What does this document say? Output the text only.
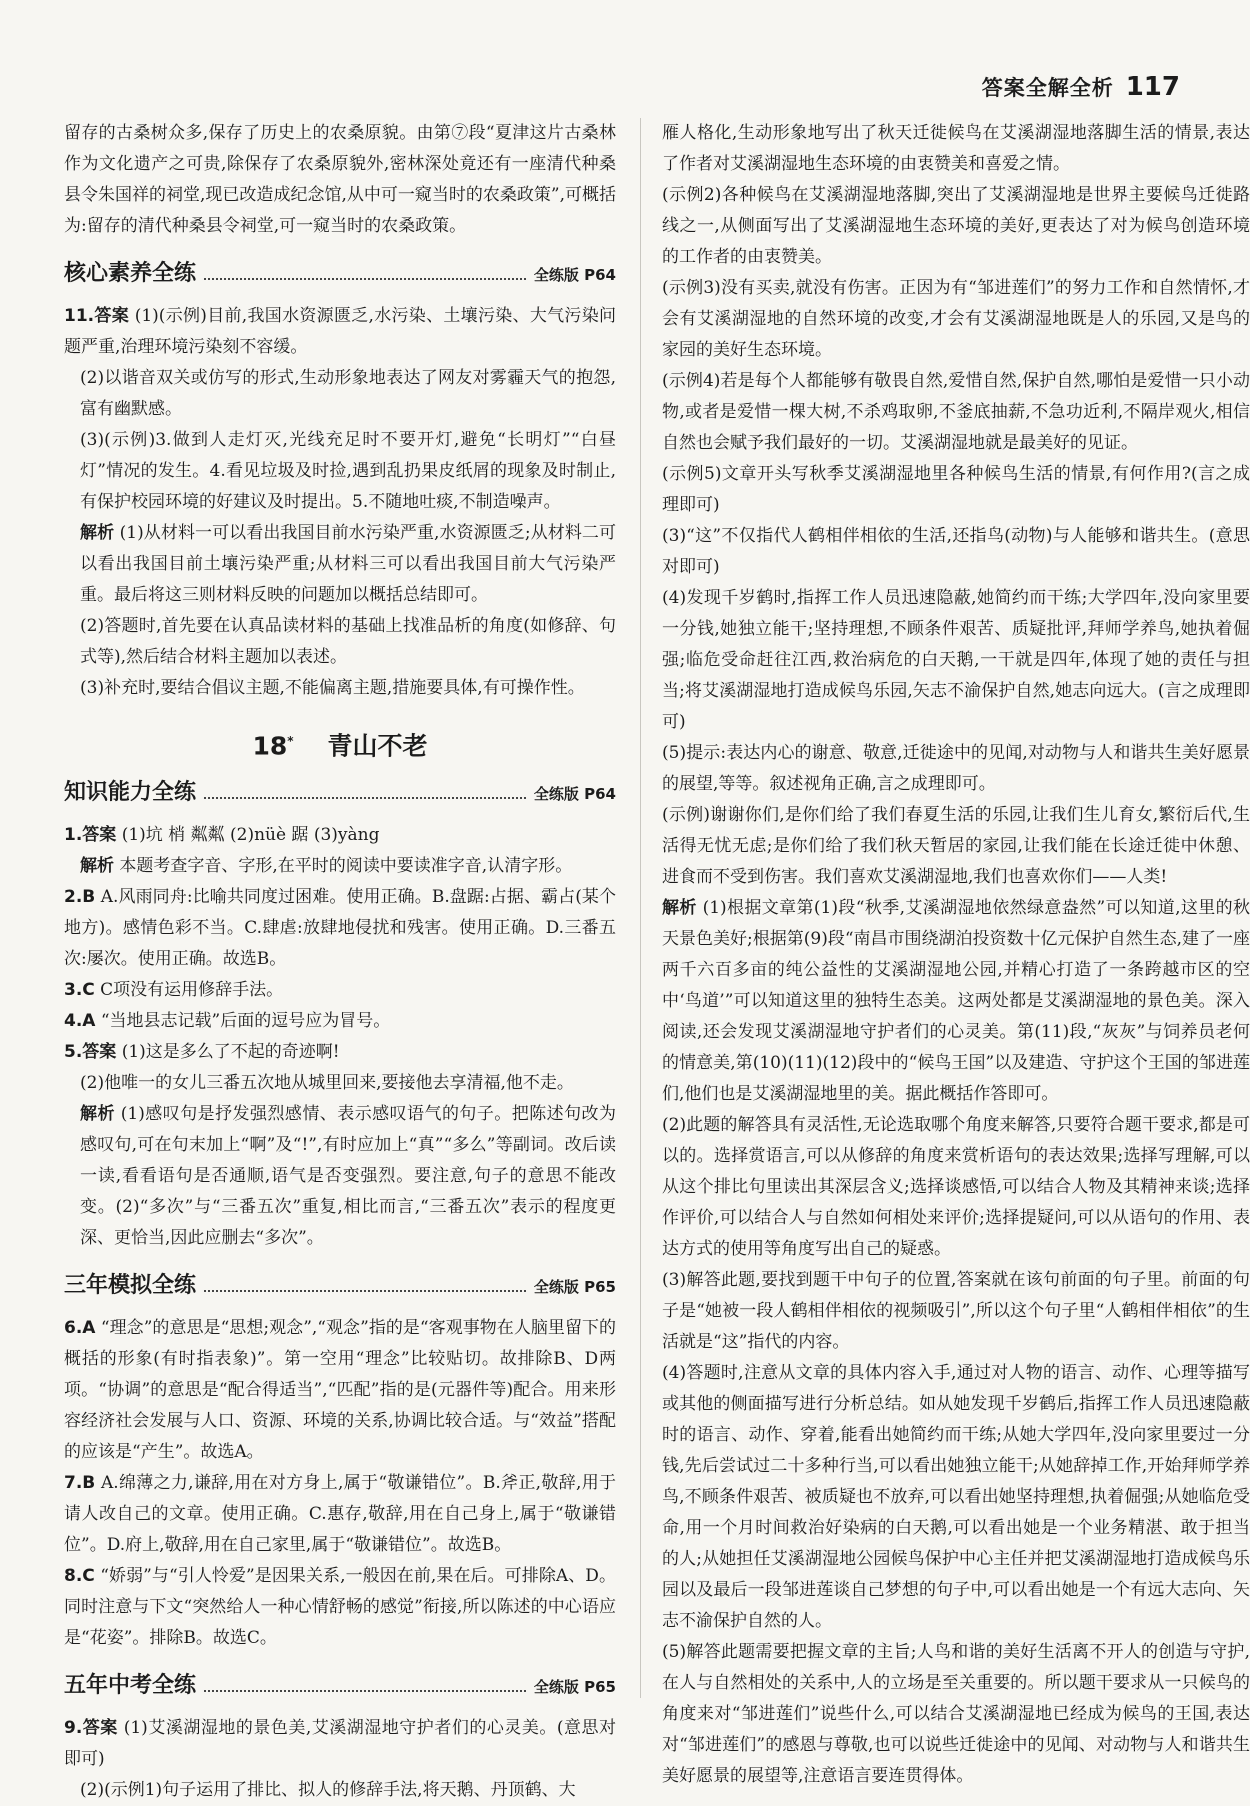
答案全解全析 117

留存的古桑树众多,保存了历史上的农桑原貌。由第⑦段“夏津这片古桑林作为文化遗产之可贵,除保存了农桑原貌外,密林深处竟还有一座清代种桑县令朱国祥的祠堂,现已改造成纪念馆,从中可一窥当时的农桑政策”,可概括为:留存的清代种桑县令祠堂,可一窥当时的农桑政策。

核心素养全练	全练版 P64

11.答案 (1)(示例)目前,我国水资源匮乏,水污染、土壤污染、大气污染问题严重,治理环境污染刻不容缓。

(2)以谐音双关或仿写的形式,生动形象地表达了网友对雾霾天气的抱怨,富有幽默感。

(3)(示例)3.做到人走灯灭,光线充足时不要开灯,避免“长明灯”“白昼灯”情况的发生。4.看见垃圾及时捡,遇到乱扔果皮纸屑的现象及时制止,有保护校园环境的好建议及时提出。5.不随地吐痰,不制造噪声。

解析 (1)从材料一可以看出我国目前水污染严重,水资源匮乏;从材料二可以看出我国目前土壤污染严重;从材料三可以看出我国目前大气污染严重。最后将这三则材料反映的问题加以概括总结即可。

(2)答题时,首先要在认真品读材料的基础上找准品析的角度(如修辞、句式等),然后结合材料主题加以表述。

(3)补充时,要结合倡议主题,不能偏离主题,措施要具体,有可操作性。

18* 青山不老
知识能力全练	全练版 P64

1.答案 (1)坑 梢 粼粼 (2)nüè 踞 (3)yàng

解析 本题考查字音、字形,在平时的阅读中要读准字音,认清字形。

2.B A.风雨同舟:比喻共同度过困难。使用正确。B.盘踞:占据、霸占(某个地方)。感情色彩不当。C.肆虐:放肆地侵扰和残害。使用正确。D.三番五次:屡次。使用正确。故选B。

3.C C项没有运用修辞手法。

4.A “当地县志记载”后面的逗号应为冒号。

5.答案 (1)这是多么了不起的奇迹啊!

(2)他唯一的女儿三番五次地从城里回来,要接他去享清福,他不走。

解析 (1)感叹句是抒发强烈感情、表示感叹语气的句子。把陈述句改为感叹句,可在句末加上“啊”及“!”,有时应加上“真”“多么”等副词。改后读一读,看看语句是否通顺,语气是否变强烈。要注意,句子的意思不能改变。(2)“多次”与“三番五次”重复,相比而言,“三番五次”表示的程度更深、更恰当,因此应删去“多次”。

三年模拟全练	全练版 P65

6.A “理念”的意思是“思想;观念”,“观念”指的是“客观事物在人脑里留下的概括的形象(有时指表象)”。第一空用“理念”比较贴切。故排除B、D两项。“协调”的意思是“配合得适当”,“匹配”指的是(元器件等)配合。用来形容经济社会发展与人口、资源、环境的关系,协调比较合适。与“效益”搭配的应该是“产生”。故选A。

7.B A.绵薄之力,谦辞,用在对方身上,属于“敬谦错位”。B.斧正,敬辞,用于请人改自己的文章。使用正确。C.惠存,敬辞,用在自己身上,属于“敬谦错位”。D.府上,敬辞,用在自己家里,属于“敬谦错位”。故选B。

8.C “娇弱”与“引人怜爱”是因果关系,一般因在前,果在后。可排除A、D。同时注意与下文“突然给人一种心情舒畅的感觉”衔接,所以陈述的中心语应是“花姿”。排除B。故选C。

五年中考全练	全练版 P65

9.答案 (1)艾溪湖湿地的景色美,艾溪湖湿地守护者们的心灵美。(意思对即可)

(2)(示例1)句子运用了排比、拟人的修辞手法,将天鹅、丹顶鹤、大

雁人格化,生动形象地写出了秋天迁徙候鸟在艾溪湖湿地落脚生活的情景,表达了作者对艾溪湖湿地生态环境的由衷赞美和喜爱之情。

(示例2)各种候鸟在艾溪湖湿地落脚,突出了艾溪湖湿地是世界主要候鸟迁徙路线之一,从侧面写出了艾溪湖湿地生态环境的美好,更表达了对为候鸟创造环境的工作者的由衷赞美。

(示例3)没有买卖,就没有伤害。正因为有“邹进莲们”的努力工作和自然情怀,才会有艾溪湖湿地的自然环境的改变,才会有艾溪湖湿地既是人的乐园,又是鸟的家园的美好生态环境。

(示例4)若是每个人都能够有敬畏自然,爱惜自然,保护自然,哪怕是爱惜一只小动物,或者是爱惜一棵大树,不杀鸡取卵,不釜底抽薪,不急功近利,不隔岸观火,相信自然也会赋予我们最好的一切。艾溪湖湿地就是最美好的见证。

(示例5)文章开头写秋季艾溪湖湿地里各种候鸟生活的情景,有何作用?(言之成理即可)

(3)“这”不仅指代人鹤相伴相依的生活,还指鸟(动物)与人能够和谐共生。(意思对即可)

(4)发现千岁鹤时,指挥工作人员迅速隐蔽,她简约而干练;大学四年,没向家里要一分钱,她独立能干;坚持理想,不顾条件艰苦、质疑批评,拜师学养鸟,她执着倔强;临危受命赶往江西,救治病危的白天鹅,一干就是四年,体现了她的责任与担当;将艾溪湖湿地打造成候鸟乐园,矢志不渝保护自然,她志向远大。(言之成理即可)

(5)提示:表达内心的谢意、敬意,迁徙途中的见闻,对动物与人和谐共生美好愿景的展望,等等。叙述视角正确,言之成理即可。

(示例)谢谢你们,是你们给了我们春夏生活的乐园,让我们生儿育女,繁衍后代,生活得无忧无虑;是你们给了我们秋天暂居的家园,让我们能在长途迁徙中休憩、进食而不受到伤害。我们喜欢艾溪湖湿地,我们也喜欢你们——人类!

解析 (1)根据文章第(1)段“秋季,艾溪湖湿地依然绿意盎然”可以知道,这里的秋天景色美好;根据第(9)段“南昌市围绕湖泊投资数十亿元保护自然生态,建了一座两千六百多亩的纯公益性的艾溪湖湿地公园,并精心打造了一条跨越市区的空中‘鸟道’”可以知道这里的独特生态美。这两处都是艾溪湖湿地的景色美。深入阅读,还会发现艾溪湖湿地守护者们的心灵美。第(11)段,“灰灰”与饲养员老何的情意美,第(10)(11)(12)段中的“候鸟王国”以及建造、守护这个王国的邹进莲们,他们也是艾溪湖湿地里的美。据此概括作答即可。

(2)此题的解答具有灵活性,无论选取哪个角度来解答,只要符合题干要求,都是可以的。选择赏语言,可以从修辞的角度来赏析语句的表达效果;选择写理解,可以从这个排比句里读出其深层含义;选择谈感悟,可以结合人物及其精神来谈;选择作评价,可以结合人与自然如何相处来评价;选择提疑问,可以从语句的作用、表达方式的使用等角度写出自己的疑惑。

(3)解答此题,要找到题干中句子的位置,答案就在该句前面的句子里。前面的句子是“她被一段人鹤相伴相依的视频吸引”,所以这个句子里“人鹤相伴相依”的生活就是“这”指代的内容。

(4)答题时,注意从文章的具体内容入手,通过对人物的语言、动作、心理等描写或其他的侧面描写进行分析总结。如从她发现千岁鹤后,指挥工作人员迅速隐蔽时的语言、动作、穿着,能看出她简约而干练;从她大学四年,没向家里要过一分钱,先后尝试过二十多种行当,可以看出她独立能干;从她辞掉工作,开始拜师学养鸟,不顾条件艰苦、被质疑也不放弃,可以看出她坚持理想,执着倔强;从她临危受命,用一个月时间救治好染病的白天鹅,可以看出她是一个业务精湛、敢于担当的人;从她担任艾溪湖湿地公园候鸟保护中心主任并把艾溪湖湿地打造成候鸟乐园以及最后一段邹进莲谈自己梦想的句子中,可以看出她是一个有远大志向、矢志不渝保护自然的人。

(5)解答此题需要把握文章的主旨;人鸟和谐的美好生活离不开人的创造与守护,在人与自然相处的关系中,人的立场是至关重要的。所以题干要求从一只候鸟的角度来对“邹进莲们”说些什么,可以结合艾溪湖湿地已经成为候鸟的王国,表达对“邹进莲们”的感恩与尊敬,也可以说些迁徙途中的见闻、对动物与人和谐共生美好愿景的展望等,注意语言要连贯得体。
